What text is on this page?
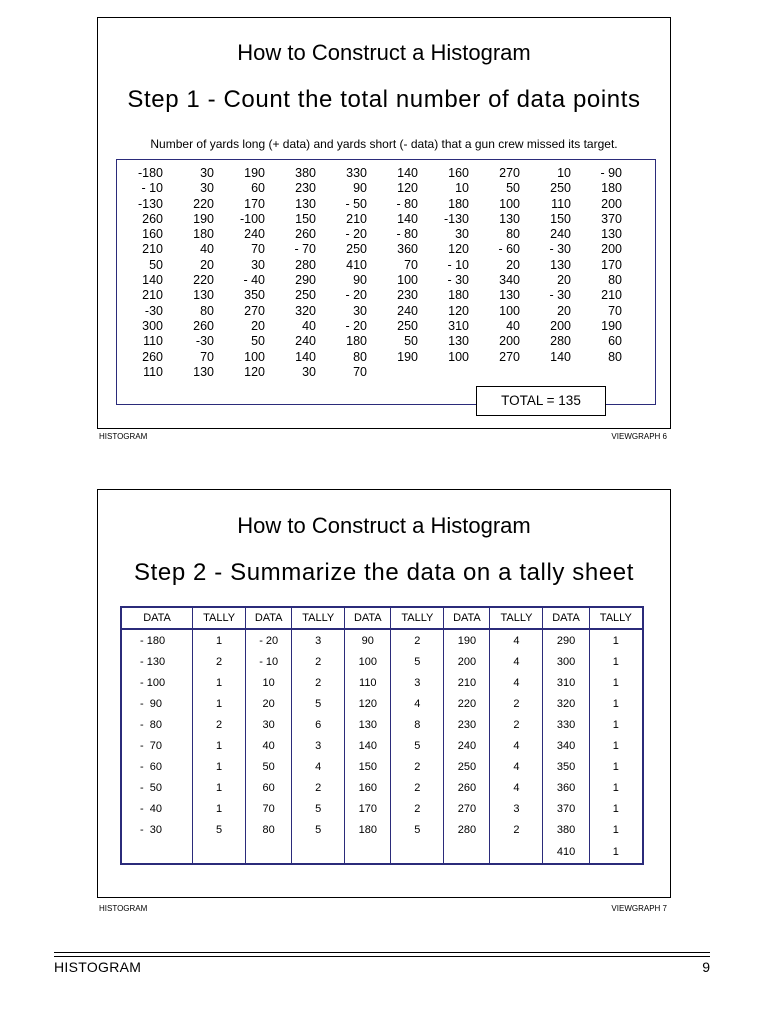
How to Construct a Histogram
Step 1 - Count the total number of data points
Number of yards long (+ data) and yards short (- data) that a gun crew missed its target.
-180	30	190	380	330	140	160	270	10	- 90
- 10	30	60	230	90	120	10	50	250	180
-130	220	170	130	- 50	- 80	180	100	110	200
260	190	-100	150	210	140	-130	130	150	370
160	180	240	260	- 20	- 80	30	80	240	130
210	40	70	- 70	250	360	120	- 60	- 30	200
50	20	30	280	410	70	- 10	20	130	170
140	220	- 40	290	90	100	- 30	340	20	80
210	130	350	250	- 20	230	180	130	- 30	210
-30	80	270	320	30	240	120	100	20	70
300	260	20	40	- 20	250	310	40	200	190
110	-30	50	240	180	50	130	200	280	60
260	70	100	140	80	190	100	270	140	80
110	130	120	30	70					
TOTAL = 135
HISTOGRAM	VIEWGRAPH 6
How to Construct a Histogram
Step 2 - Summarize the data on a tally sheet
DATA	TALLY	DATA	TALLY	DATA	TALLY	DATA	TALLY	DATA	TALLY
- 180	1	- 20	3	90	2	190	4	290	1
- 130	2	- 10	2	100	5	200	4	300	1
- 100	1	10	2	110	3	210	4	310	1
-  90	1	20	5	120	4	220	2	320	1
-  80	2	30	6	130	8	230	2	330	1
-  70	1	40	3	140	5	240	4	340	1
-  60	1	50	4	150	2	250	4	350	1
-  50	1	60	2	160	2	260	4	360	1
-  40	1	70	5	170	2	270	3	370	1
-  30	5	80	5	180	5	280	2	380	1
								410	1
HISTOGRAM	VIEWGRAPH 7
HISTOGRAM	9
